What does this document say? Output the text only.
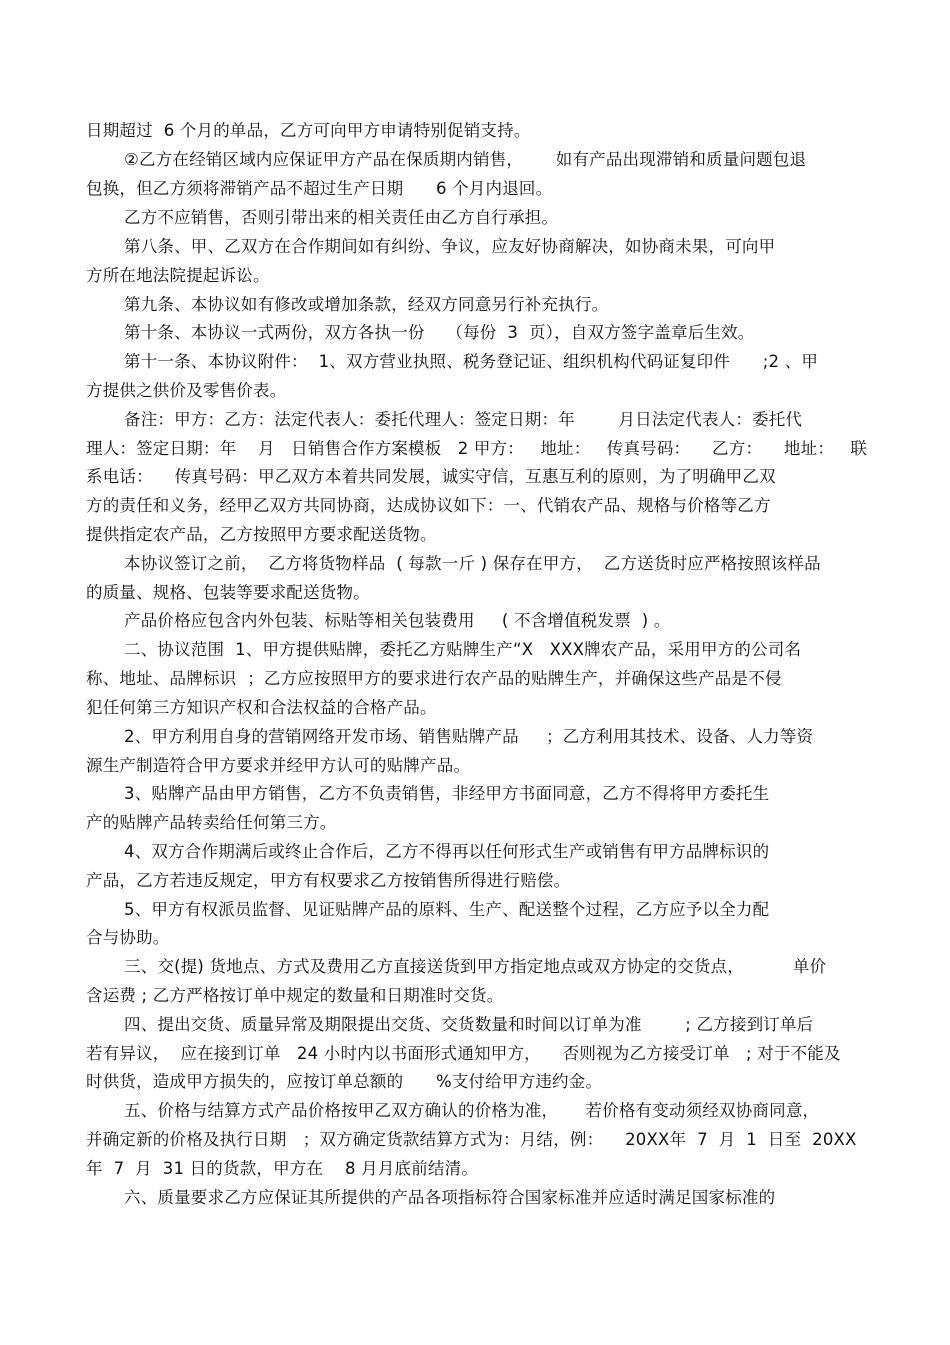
日期超过  6 个月的单品，乙方可向甲方申请特别促销支持。
②乙方在经销区域内应保证甲方产品在保质期内销售，      如有产品出现滞销和质量问题包退
包换，但乙方须将滞销产品不超过生产日期      6 个月内退回。
乙方不应销售，否则引带出来的相关责任由乙方自行承担。
第八条、甲、乙双方在合作期间如有纠纷、争议，应友好协商解决，如协商未果，可向甲
方所在地法院提起诉讼。
第九条、本协议如有修改或增加条款，经双方同意另行补充执行。
第十条、本协议一式两份，双方各执一份    （每份  3  页），自双方签字盖章后生效。
第十一条、本协议附件：  1、双方营业执照、税务登记证、组织机构代码证复印件      ;2 、甲
方提供之供价及零售价表。
备注：甲方：乙方：法定代表人：委托代理人：签定日期：年        月日法定代表人：委托代
理人：签定日期：年    月   日销售合作方案模板   2 甲方：   地址：   传真号码：    乙方：    地址：   联
系电话：    传真号码：甲乙双方本着共同发展，诚实守信，互惠互利的原则，为了明确甲乙双
方的责任和义务，经甲乙双方共同协商，达成协议如下：一、代销农产品、规格与价格等乙方
提供指定农产品，乙方按照甲方要求配送货物。
本协议签订之前，  乙方将货物样品  ( 每款一斤 ) 保存在甲方，  乙方送货时应严格按照该样品
的质量、规格、包装等要求配送货物。
产品价格应包含内外包装、标贴等相关包装费用     ( 不含增值税发票  ) 。
二、协议范围  1、甲方提供贴牌，委托乙方贴牌生产“X   XXX牌农产品，采用甲方的公司名
称、地址、品牌标识  ；乙方应按照甲方的要求进行农产品的贴牌生产，并确保这些产品是不侵
犯任何第三方知识产权和合法权益的合格产品。
2、甲方利用自身的营销网络开发市场、销售贴牌产品     ；乙方利用其技术、设备、人力等资
源生产制造符合甲方要求并经甲方认可的贴牌产品。
3、贴牌产品由甲方销售，乙方不负责销售，非经甲方书面同意，乙方不得将甲方委托生
产的贴牌产品转卖给任何第三方。
4、双方合作期满后或终止合作后，乙方不得再以任何形式生产或销售有甲方品牌标识的
产品，乙方若违反规定，甲方有权要求乙方按销售所得进行赔偿。
5、甲方有权派员监督、见证贴牌产品的原料、生产、配送整个过程，乙方应予以全力配
合与协助。
三、交(提) 货地点、方式及费用乙方直接送货到甲方指定地点或双方协定的交货点，         单价
含运费 ; 乙方严格按订单中规定的数量和日期准时交货。
四、提出交货、质量异常及期限提出交货、交货数量和时间以订单为准        ; 乙方接到订单后
若有异议，  应在接到订单   24 小时内以书面形式通知甲方，    否则视为乙方接受订单   ; 对于不能及
时供货，造成甲方损失的，应按订单总额的      %支付给甲方违约金。
五、价格与结算方式产品价格按甲乙双方确认的价格为准，     若价格有变动须经双协商同意，
并确定新的价格及执行日期   ；双方确定货款结算方式为：月结，例：    20XX年  7  月  1  日至  20XX
年  7  月  31 日的货款，甲方在    8 月月底前结清。
六、质量要求乙方应保证其所提供的产品各项指标符合国家标准并应适时满足国家标准的
